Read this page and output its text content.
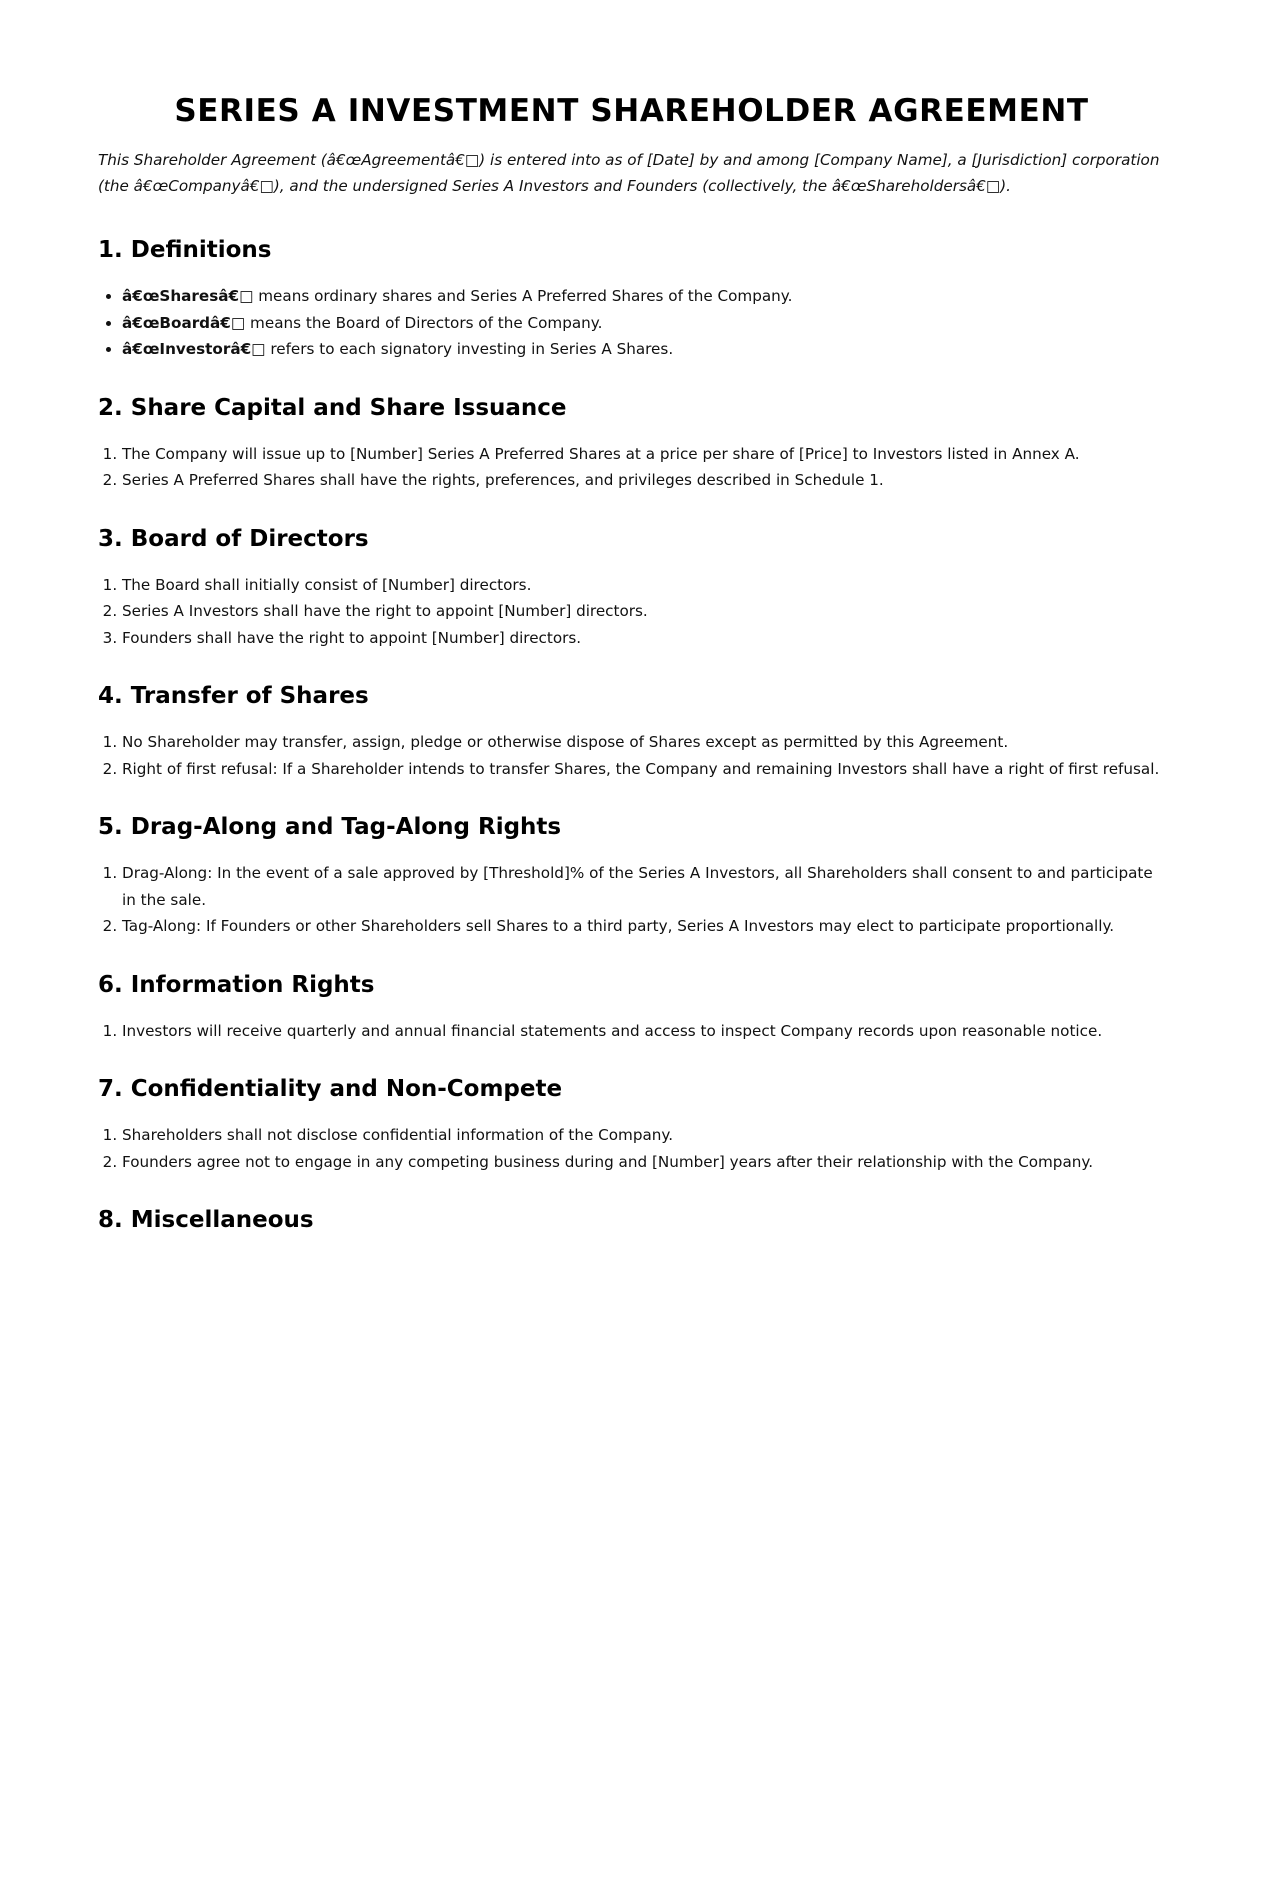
SERIES A INVESTMENT SHAREHOLDER AGREEMENT

This Shareholder Agreement (â€œAgreementâ€□) is entered into as of [Date] by and among [Company Name], a [Jurisdiction] corporation (the â€œCompanyâ€□), and the undersigned Series A Investors and Founders (collectively, the â€œShareholdersâ€□).

1. Definitions
• â€œSharesâ€□ means ordinary shares and Series A Preferred Shares of the Company.
• â€œBoardâ€□ means the Board of Directors of the Company.
• â€œInvestorâ€□ refers to each signatory investing in Series A Shares.
2. Share Capital and Share Issuance
1. The Company will issue up to [Number] Series A Preferred Shares at a price per share of [Price] to Investors listed in Annex A.
2. Series A Preferred Shares shall have the rights, preferences, and privileges described in Schedule 1.
3. Board of Directors
1. The Board shall initially consist of [Number] directors.
2. Series A Investors shall have the right to appoint [Number] directors.
3. Founders shall have the right to appoint [Number] directors.
4. Transfer of Shares
1. No Shareholder may transfer, assign, pledge or otherwise dispose of Shares except as permitted by this Agreement.
2. Right of first refusal: If a Shareholder intends to transfer Shares, the Company and remaining Investors shall have a right of first refusal.
5. Drag-Along and Tag-Along Rights
1. Drag-Along: In the event of a sale approved by [Threshold]% of the Series A Investors, all Shareholders shall consent to and participate in the sale.
2. Tag-Along: If Founders or other Shareholders sell Shares to a third party, Series A Investors may elect to participate proportionally.
6. Information Rights
1. Investors will receive quarterly and annual financial statements and access to inspect Company records upon reasonable notice.
7. Confidentiality and Non-Compete
1. Shareholders shall not disclose confidential information of the Company.
2. Founders agree not to engage in any competing business during and [Number] years after their relationship with the Company.
8. Miscellaneous
